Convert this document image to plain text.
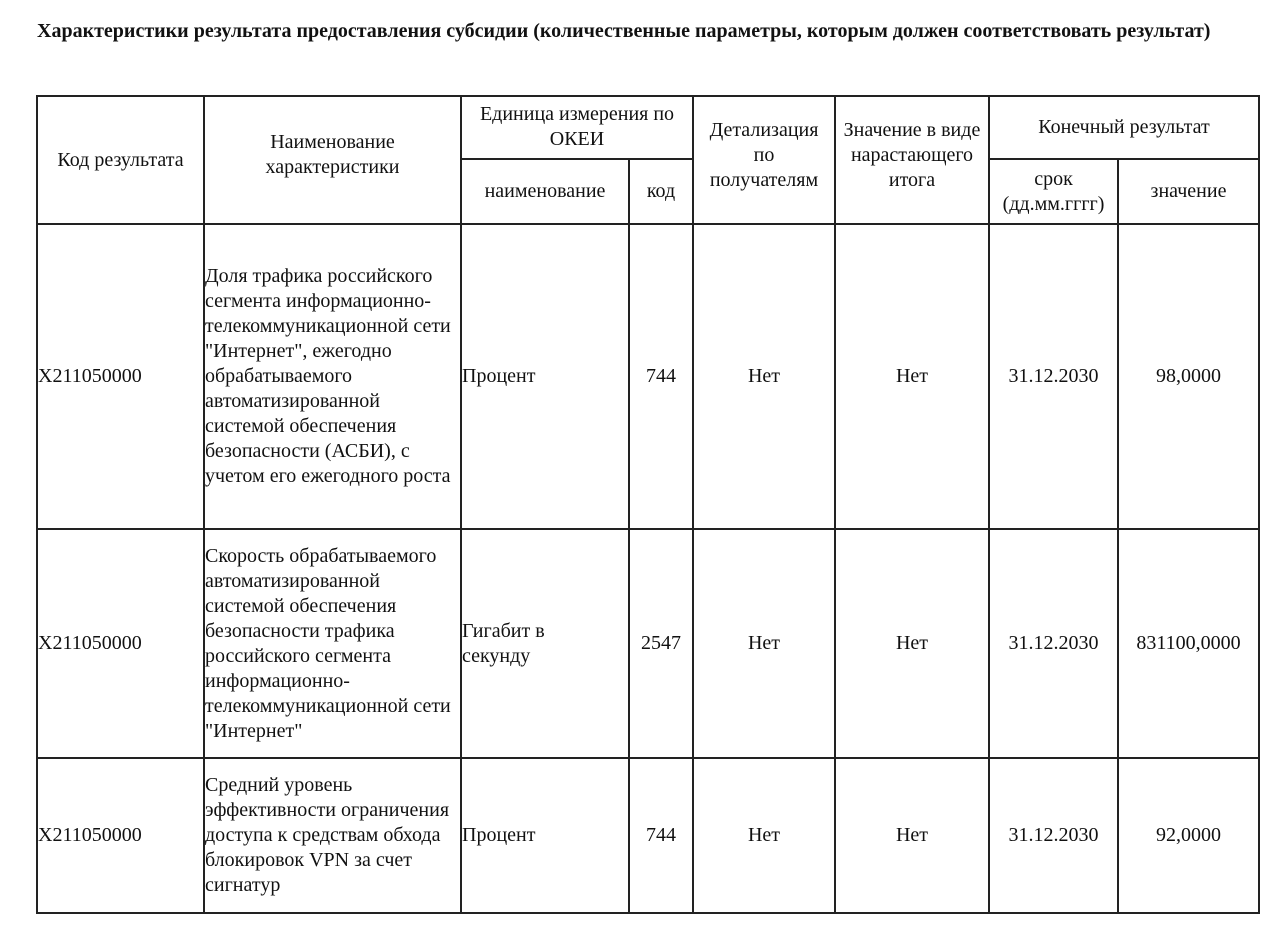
Характеристики результата предоставления субсидии (количественные параметры, которым должен соответствовать результат)
Код результата	Наименование характеристики	Единица измерения по ОКЕИ		Детализация по получателям	Значение в виде нарастающего итога	Конечный результат	
		наименование	код			срок (дд.мм.гггг)	значение
Х211050000	Доля трафика российского сегмента информационно-телекоммуникационной сети "Интернет", ежегодно обрабатываемого автоматизированной системой обеспечения безопасности (АСБИ), с учетом его ежегодного роста	Процент	744	Нет	Нет	31.12.2030	98,0000
Х211050000	Скорость обрабатываемого автоматизированной системой обеспечения безопасности трафика российского сегмента информационно-телекоммуникационной сети "Интернет"	Гигабит в секунду	2547	Нет	Нет	31.12.2030	831100,0000
Х211050000	Средний уровень эффективности ограничения доступа к средствам обхода блокировок VPN за счет сигнатур	Процент	744	Нет	Нет	31.12.2030	92,0000
